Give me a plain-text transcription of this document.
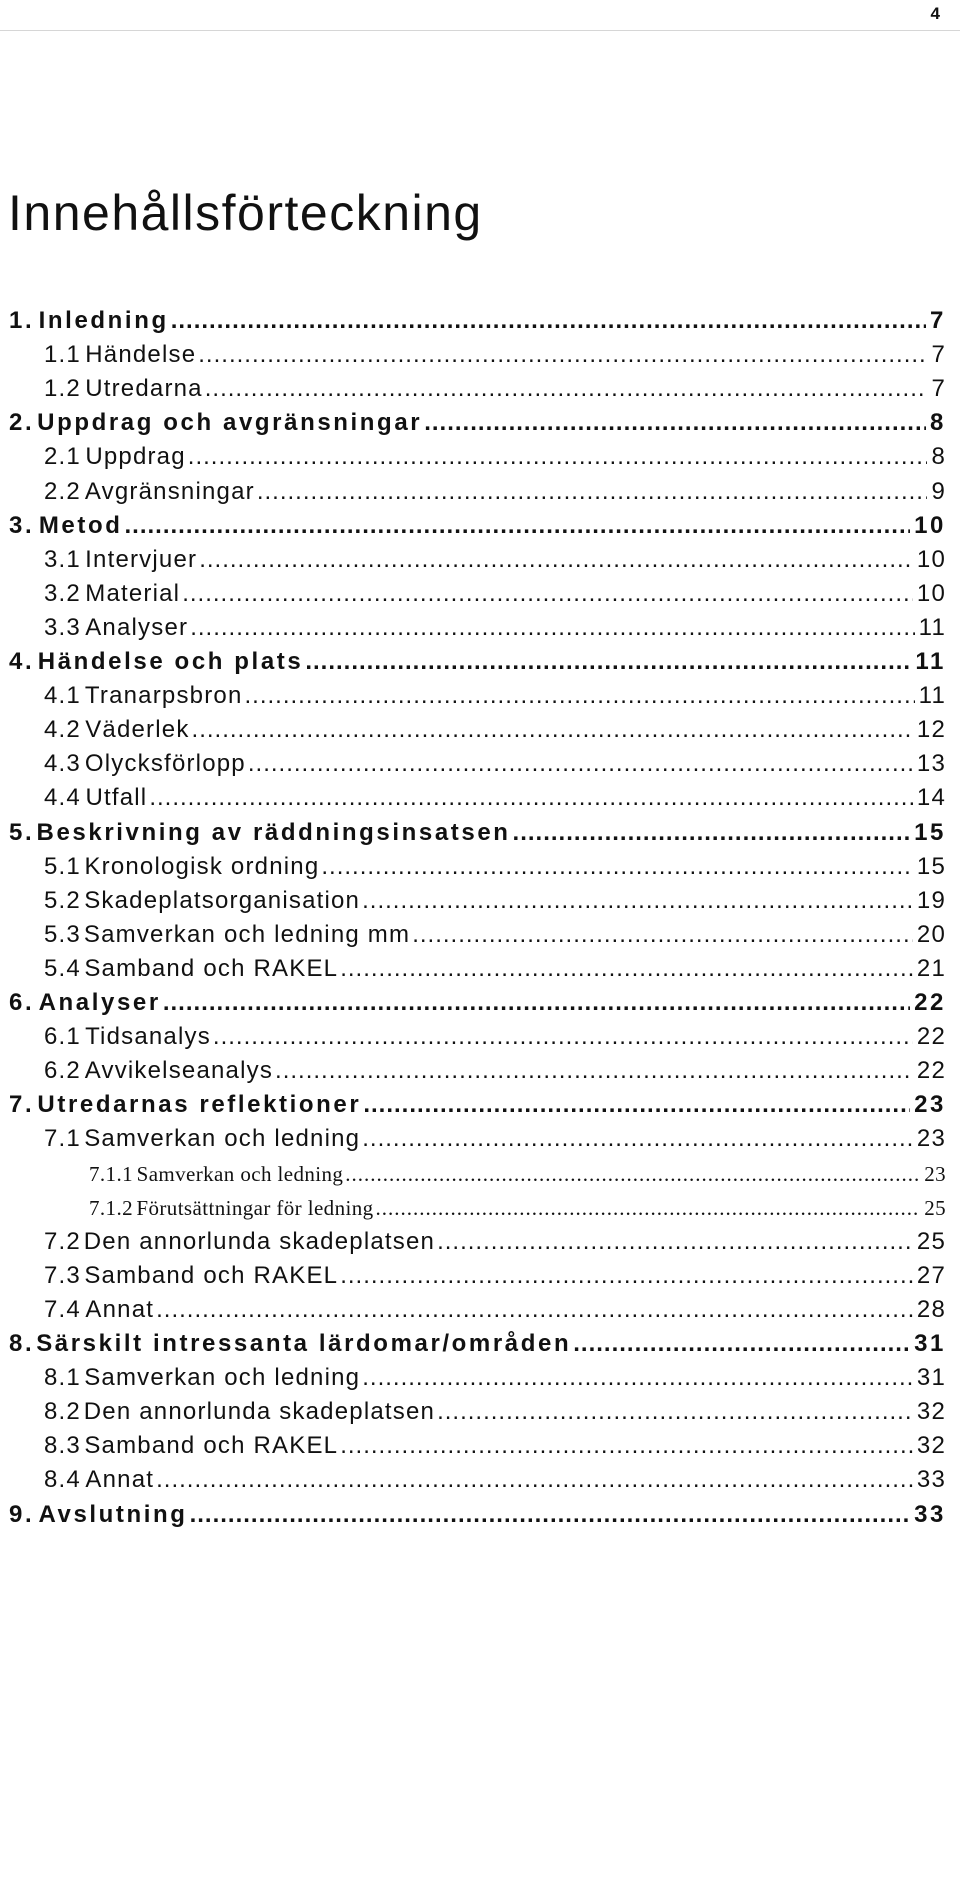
4
Innehållsförteckning
1. Inledning .....	7
1.1 Händelse .....	7
1.2 Utredarna .....	7
2. Uppdrag och avgränsningar .....	8
2.1 Uppdrag .....	8
2.2 Avgränsningar .....	9
3. Metod .....	10
3.1 Intervjuer .....	10
3.2 Material .....	10
3.3 Analyser .....	11
4. Händelse och plats .....	11
4.1 Tranarpsbron .....	11
4.2 Väderlek .....	12
4.3 Olycksförlopp .....	13
4.4 Utfall .....	14
5. Beskrivning av räddningsinsatsen .....	15
5.1 Kronologisk ordning .....	15
5.2 Skadeplatsorganisation .....	19
5.3 Samverkan och ledning mm .....	20
5.4 Samband och RAKEL .....	21
6. Analyser .....	22
6.1 Tidsanalys .....	22
6.2 Avvikelseanalys .....	22
7. Utredarnas reflektioner .....	23
7.1 Samverkan och ledning .....	23
7.1.1 Samverkan och ledning .....	23
7.1.2 Förutsättningar för ledning .....	25
7.2 Den annorlunda skadeplatsen .....	25
7.3 Samband och RAKEL .....	27
7.4 Annat .....	28
8. Särskilt intressanta lärdomar/områden .....	31
8.1 Samverkan och ledning .....	31
8.2 Den annorlunda skadeplatsen .....	32
8.3 Samband och RAKEL .....	32
8.4 Annat .....	33
9. Avslutning .....	33
